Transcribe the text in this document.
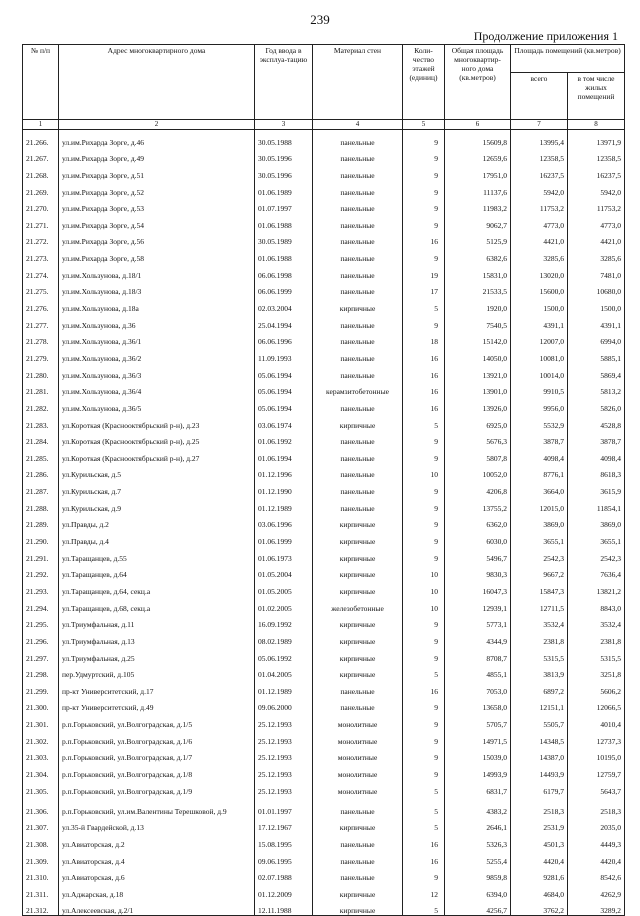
239
Продолжение приложения 1
№ п/п	Адрес многоквартирного дома	Год ввода в эксплуа-тацию	Материал стен	Коли-чество этажей (единиц)	Общая площадь многоквартир-ного дома (кв.метров)	Площадь помещений (кв.метров)	
						всего	в том числе жилых помещений
1	2	3	4	5	6	7	8
21.266.	ул.им.Рихарда Зорге, д.46	30.05.1988	панельные	9	15609,8	13995,4	13971,9
21.267.	ул.им.Рихарда Зорге, д.49	30.05.1996	панельные	9	12659,6	12358,5	12358,5
21.268.	ул.им.Рихарда Зорге, д.51	30.05.1996	панельные	9	17951,0	16237,5	16237,5
21.269.	ул.им.Рихарда Зорге, д.52	01.06.1989	панельные	9	11137,6	5942,0	5942,0
21.270.	ул.им.Рихарда Зорге, д.53	01.07.1997	панельные	9	11983,2	11753,2	11753,2
21.271.	ул.им.Рихарда Зорге, д.54	01.06.1988	панельные	9	9062,7	4773,0	4773,0
21.272.	ул.им.Рихарда Зорге, д.56	30.05.1989	панельные	16	5125,9	4421,0	4421,0
21.273.	ул.им.Рихарда Зорге, д.58	01.06.1988	панельные	9	6382,6	3285,6	3285,6
21.274.	ул.им.Хользунова, д.18/1	06.06.1998	панельные	19	15831,0	13020,0	7481,0
21.275.	ул.им.Хользунова, д.18/3	06.06.1999	панельные	17	21533,5	15600,0	10680,0
21.276.	ул.им.Хользунова, д.18а	02.03.2004	кирпичные	5	1920,0	1500,0	1500,0
21.277.	ул.им.Хользунова, д.36	25.04.1994	панельные	9	7540,5	4391,1	4391,1
21.278.	ул.им.Хользунова, д.36/1	06.06.1996	панельные	18	15142,0	12007,0	6994,0
21.279.	ул.им.Хользунова, д.36/2	11.09.1993	панельные	16	14050,0	10081,0	5885,1
21.280.	ул.им.Хользунова, д.36/3	05.06.1994	панельные	16	13921,0	10014,0	5869,4
21.281.	ул.им.Хользунова, д.36/4	05.06.1994	керамзитобетонные	16	13901,0	9910,5	5813,2
21.282.	ул.им.Хользунова, д.36/5	05.06.1994	панельные	16	13926,0	9956,0	5826,0
21.283.	ул.Короткая (Краснооктябрьский р-н), д.23	03.06.1974	кирпичные	5	6925,0	5532,9	4528,8
21.284.	ул.Короткая (Краснооктябрьский р-н), д.25	01.06.1992	панельные	9	5676,3	3878,7	3878,7
21.285.	ул.Короткая (Краснооктябрьский р-н), д.27	01.06.1994	панельные	9	5807,8	4098,4	4098,4
21.286.	ул.Курильская, д.5	01.12.1996	панельные	10	10052,0	8776,1	8618,3
21.287.	ул.Курильская, д.7	01.12.1990	панельные	9	4206,8	3664,0	3615,9
21.288.	ул.Курильская, д.9	01.12.1989	панельные	9	13755,2	12015,0	11854,1
21.289.	ул.Правды, д.2	03.06.1996	кирпичные	9	6362,0	3869,0	3869,0
21.290.	ул.Правды, д.4	01.06.1999	кирпичные	9	6030,0	3655,1	3655,1
21.291.	ул.Таращанцев, д.55	01.06.1973	кирпичные	9	5496,7	2542,3	2542,3
21.292.	ул.Таращанцев, д.64	01.05.2004	кирпичные	10	9830,3	9667,2	7636,4
21.293.	ул.Таращанцев, д.64, секц.а	01.05.2005	кирпичные	10	16047,3	15847,3	13821,2
21.294.	ул.Таращанцев, д.68, секц.а	01.02.2005	железобетонные	10	12939,1	12711,5	8843,0
21.295.	ул.Триумфальная, д.11	16.09.1992	кирпичные	9	5773,1	3532,4	3532,4
21.296.	ул.Триумфальная, д.13	08.02.1989	кирпичные	9	4344,9	2381,8	2381,8
21.297.	ул.Триумфальная, д.25	05.06.1992	кирпичные	9	8708,7	5315,5	5315,5
21.298.	пер.Удмуртский, д.105	01.04.2005	кирпичные	5	4855,1	3813,9	3251,8
21.299.	пр-кт Университетский, д.17	01.12.1989	панельные	16	7053,0	6897,2	5606,2
21.300.	пр-кт Университетский, д.49	09.06.2000	панельные	9	13658,0	12151,1	12066,5
21.301.	р.п.Горьковский, ул.Волгоградская, д.1/5	25.12.1993	монолитные	9	5705,7	5505,7	4010,4
21.302.	р.п.Горьковский, ул.Волгоградская, д.1/6	25.12.1993	монолитные	9	14971,5	14348,5	12737,3
21.303.	р.п.Горьковский, ул.Волгоградская, д.1/7	25.12.1993	монолитные	9	15039,0	14387,0	10195,0
21.304.	р.п.Горьковский, ул.Волгоградская, д.1/8	25.12.1993	монолитные	9	14993,9	14493,9	12759,7
21.305.	р.п.Горьковский, ул.Волгоградская, д.1/9	25.12.1993	монолитные	5	6831,7	6179,7	5643,7
21.306.	р.п.Горьковский, ул.им.Валентины Терешковой, д.9	01.01.1997	панельные	5	4383,2	2518,3	2518,3
21.307.	ул.35-й Гвардейской, д.13	17.12.1967	кирпичные	5	2646,1	2531,9	2035,0
21.308.	ул.Авиаторская, д.2	15.08.1995	панельные	16	5326,3	4501,3	4449,3
21.309.	ул.Авиаторская, д.4	09.06.1995	панельные	16	5255,4	4420,4	4420,4
21.310.	ул.Авиаторская, д.6	02.07.1988	панельные	9	9859,8	9281,6	8542,6
21.311.	ул.Аджарская, д.18	01.12.2009	кирпичные	12	6394,0	4684,0	4262,9
21.312.	ул.Алексеевская, д.2/1	12.11.1988	кирпичные	5	4256,7	3762,2	3289,2
